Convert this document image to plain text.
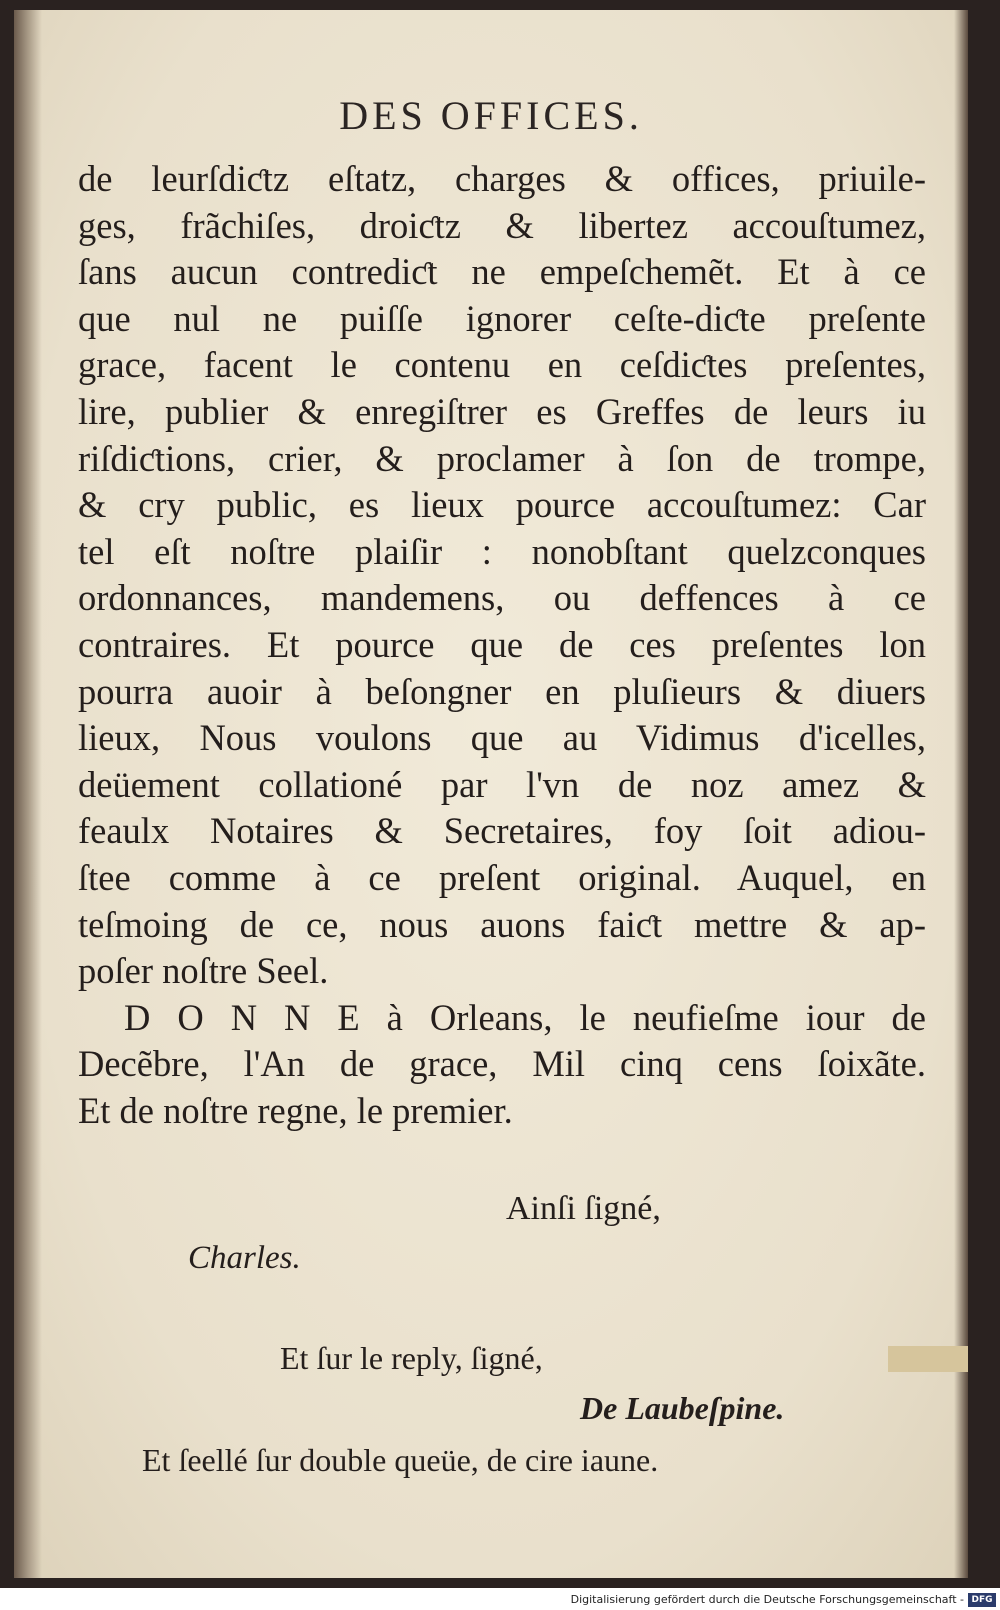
DES OFFICES.
de leurſdiƈtz eſtatz, charges & offices, priuile-
ges, frãchiſes, droiƈtz & libertez accouſtumez,
ſans aucun contrediƈt ne empeſchemẽt. Et à ce
que nul ne puiſſe ignorer ceſte-diƈte preſente
grace, facent le contenu en ceſdiƈtes preſentes,
lire, publier & enregiſtrer es Greffes de leurs iu
riſdiƈtions, crier, & proclamer à ſon de trompe,
& cry public, es lieux pource accouſtumez: Car
tel eſt noſtre plaiſir : nonobſtant quelzconques
ordonnances, mandemens, ou deffences à ce
contraires. Et pource que de ces preſentes lon
pourra auoir à beſongner en pluſieurs & diuers
lieux, Nous voulons que au Vidimus d'icelles,
deüement collationé par l'vn de noz amez &
feaulx Notaires & Secretaires, foy ſoit adiou-
ſtee comme à ce preſent original. Auquel, en
teſmoing de ce, nous auons faiƈt mettre & ap-
poſer noſtre Seel.
D O N N E à Orleans, le neufieſme iour de
Decẽbre, l'An de grace, Mil cinq cens ſoixãte.
Et de noſtre regne, le premier.
Ainſi ſigné,
Charles.
Et ſur le reply, ſigné,
De Laubeſpine.
Et ſeellé ſur double queüe, de cire iaune.
Digitalisierung gefördert durch die Deutsche Forschungsgemeinschaft - DFG
